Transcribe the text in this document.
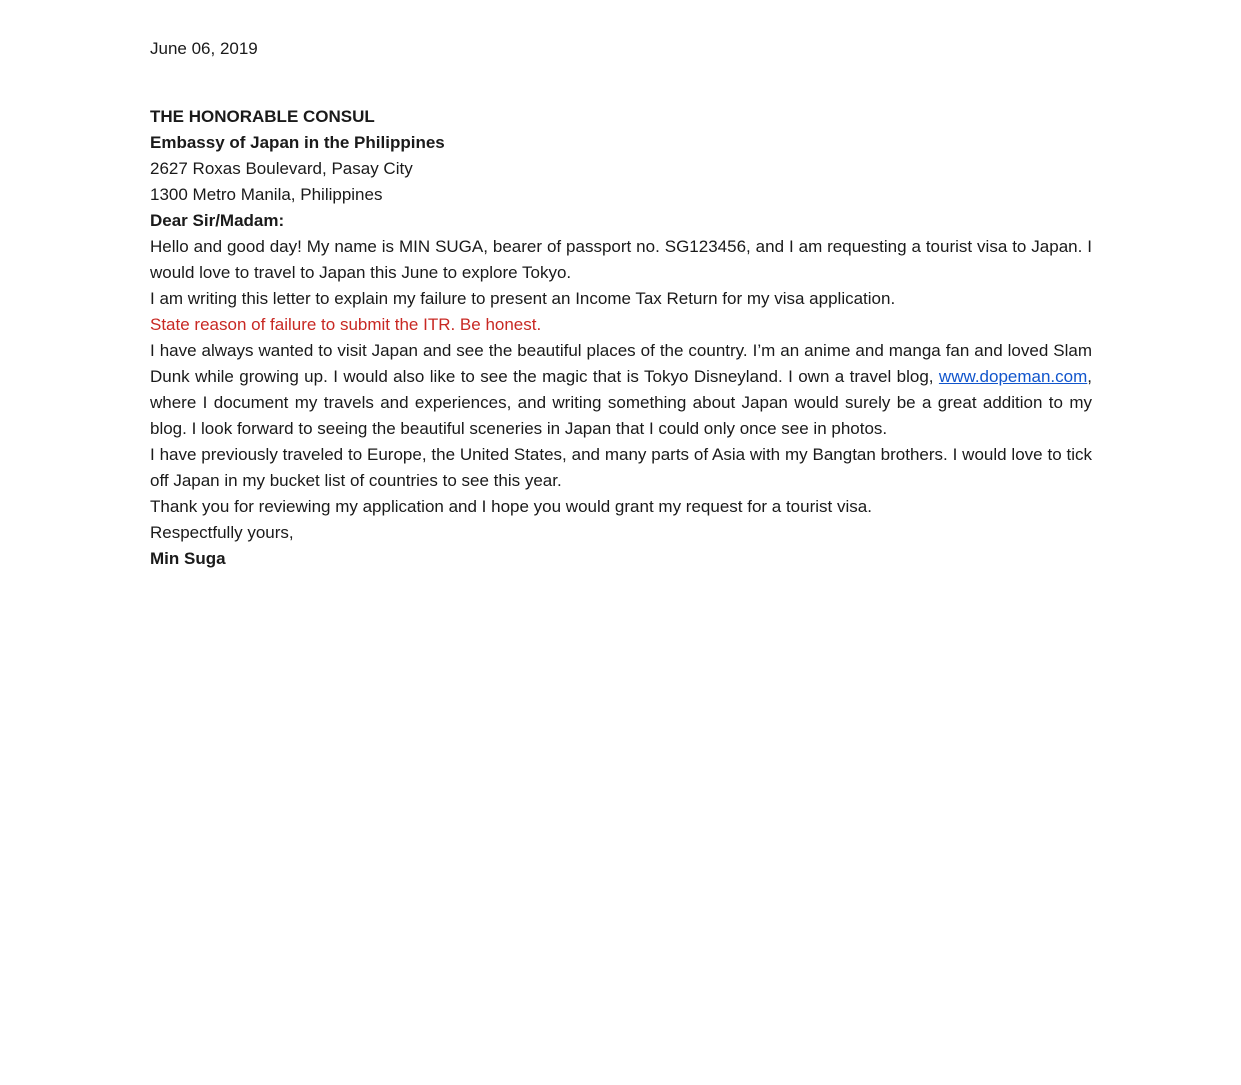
June 06, 2019

THE HONORABLE CONSUL

Embassy of Japan in the Philippines

2627 Roxas Boulevard, Pasay City

1300 Metro Manila, Philippines

Dear Sir/Madam:

Hello and good day! My name is MIN SUGA, bearer of passport no. SG123456, and I am requesting a tourist visa to Japan. I would love to travel to Japan this June to explore Tokyo.

I am writing this letter to explain my failure to present an Income Tax Return for my visa application.

State reason of failure to submit the ITR. Be honest.

I have always wanted to visit Japan and see the beautiful places of the country. I’m an anime and manga fan and loved Slam Dunk while growing up. I would also like to see the magic that is Tokyo Disneyland. I own a travel blog, www.dopeman.com, where I document my travels and experiences, and writing something about Japan would surely be a great addition to my blog. I look forward to seeing the beautiful sceneries in Japan that I could only once see in photos.

I have previously traveled to Europe, the United States, and many parts of Asia with my Bangtan brothers. I would love to tick off Japan in my bucket list of countries to see this year.

Thank you for reviewing my application and I hope you would grant my request for a tourist visa.

Respectfully yours,

Min Suga
